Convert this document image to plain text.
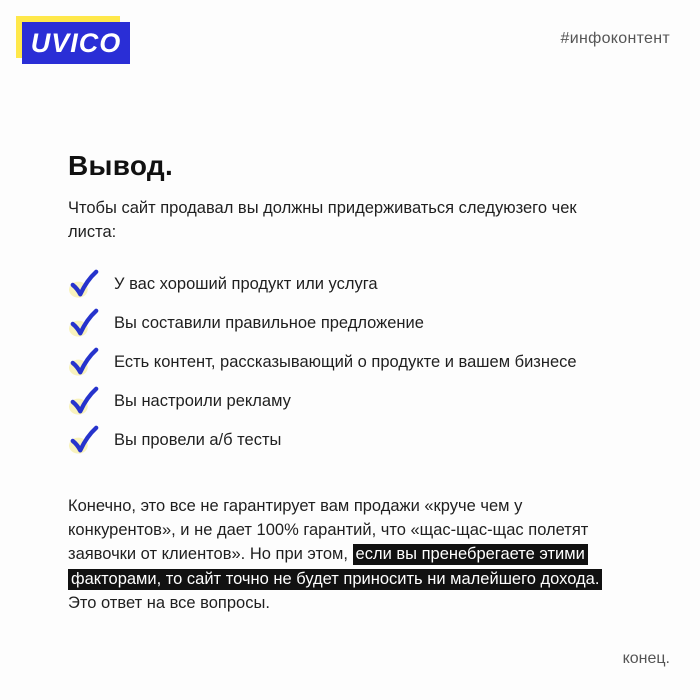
UVICO	#инфоконтент
Вывод.

Чтобы сайт продавал вы должны придерживаться следуюзего чек листа:

У вас хороший продукт или услуга
Вы составили правильное предложение
Есть контент, рассказывающий о продукте и вашем бизнесе
Вы настроили рекламу
Вы провели а/б тесты

Конечно, это все не гарантирует вам продажи «круче чем у конкурентов», и не дает 100% гарантий, что «щас-щас-щас полетят заявочки от клиентов». Но при этом, если вы пренебрегаете этими факторами, то сайт точно не будет приносить ни малейшего дохода. Это ответ на все вопросы.

конец.
